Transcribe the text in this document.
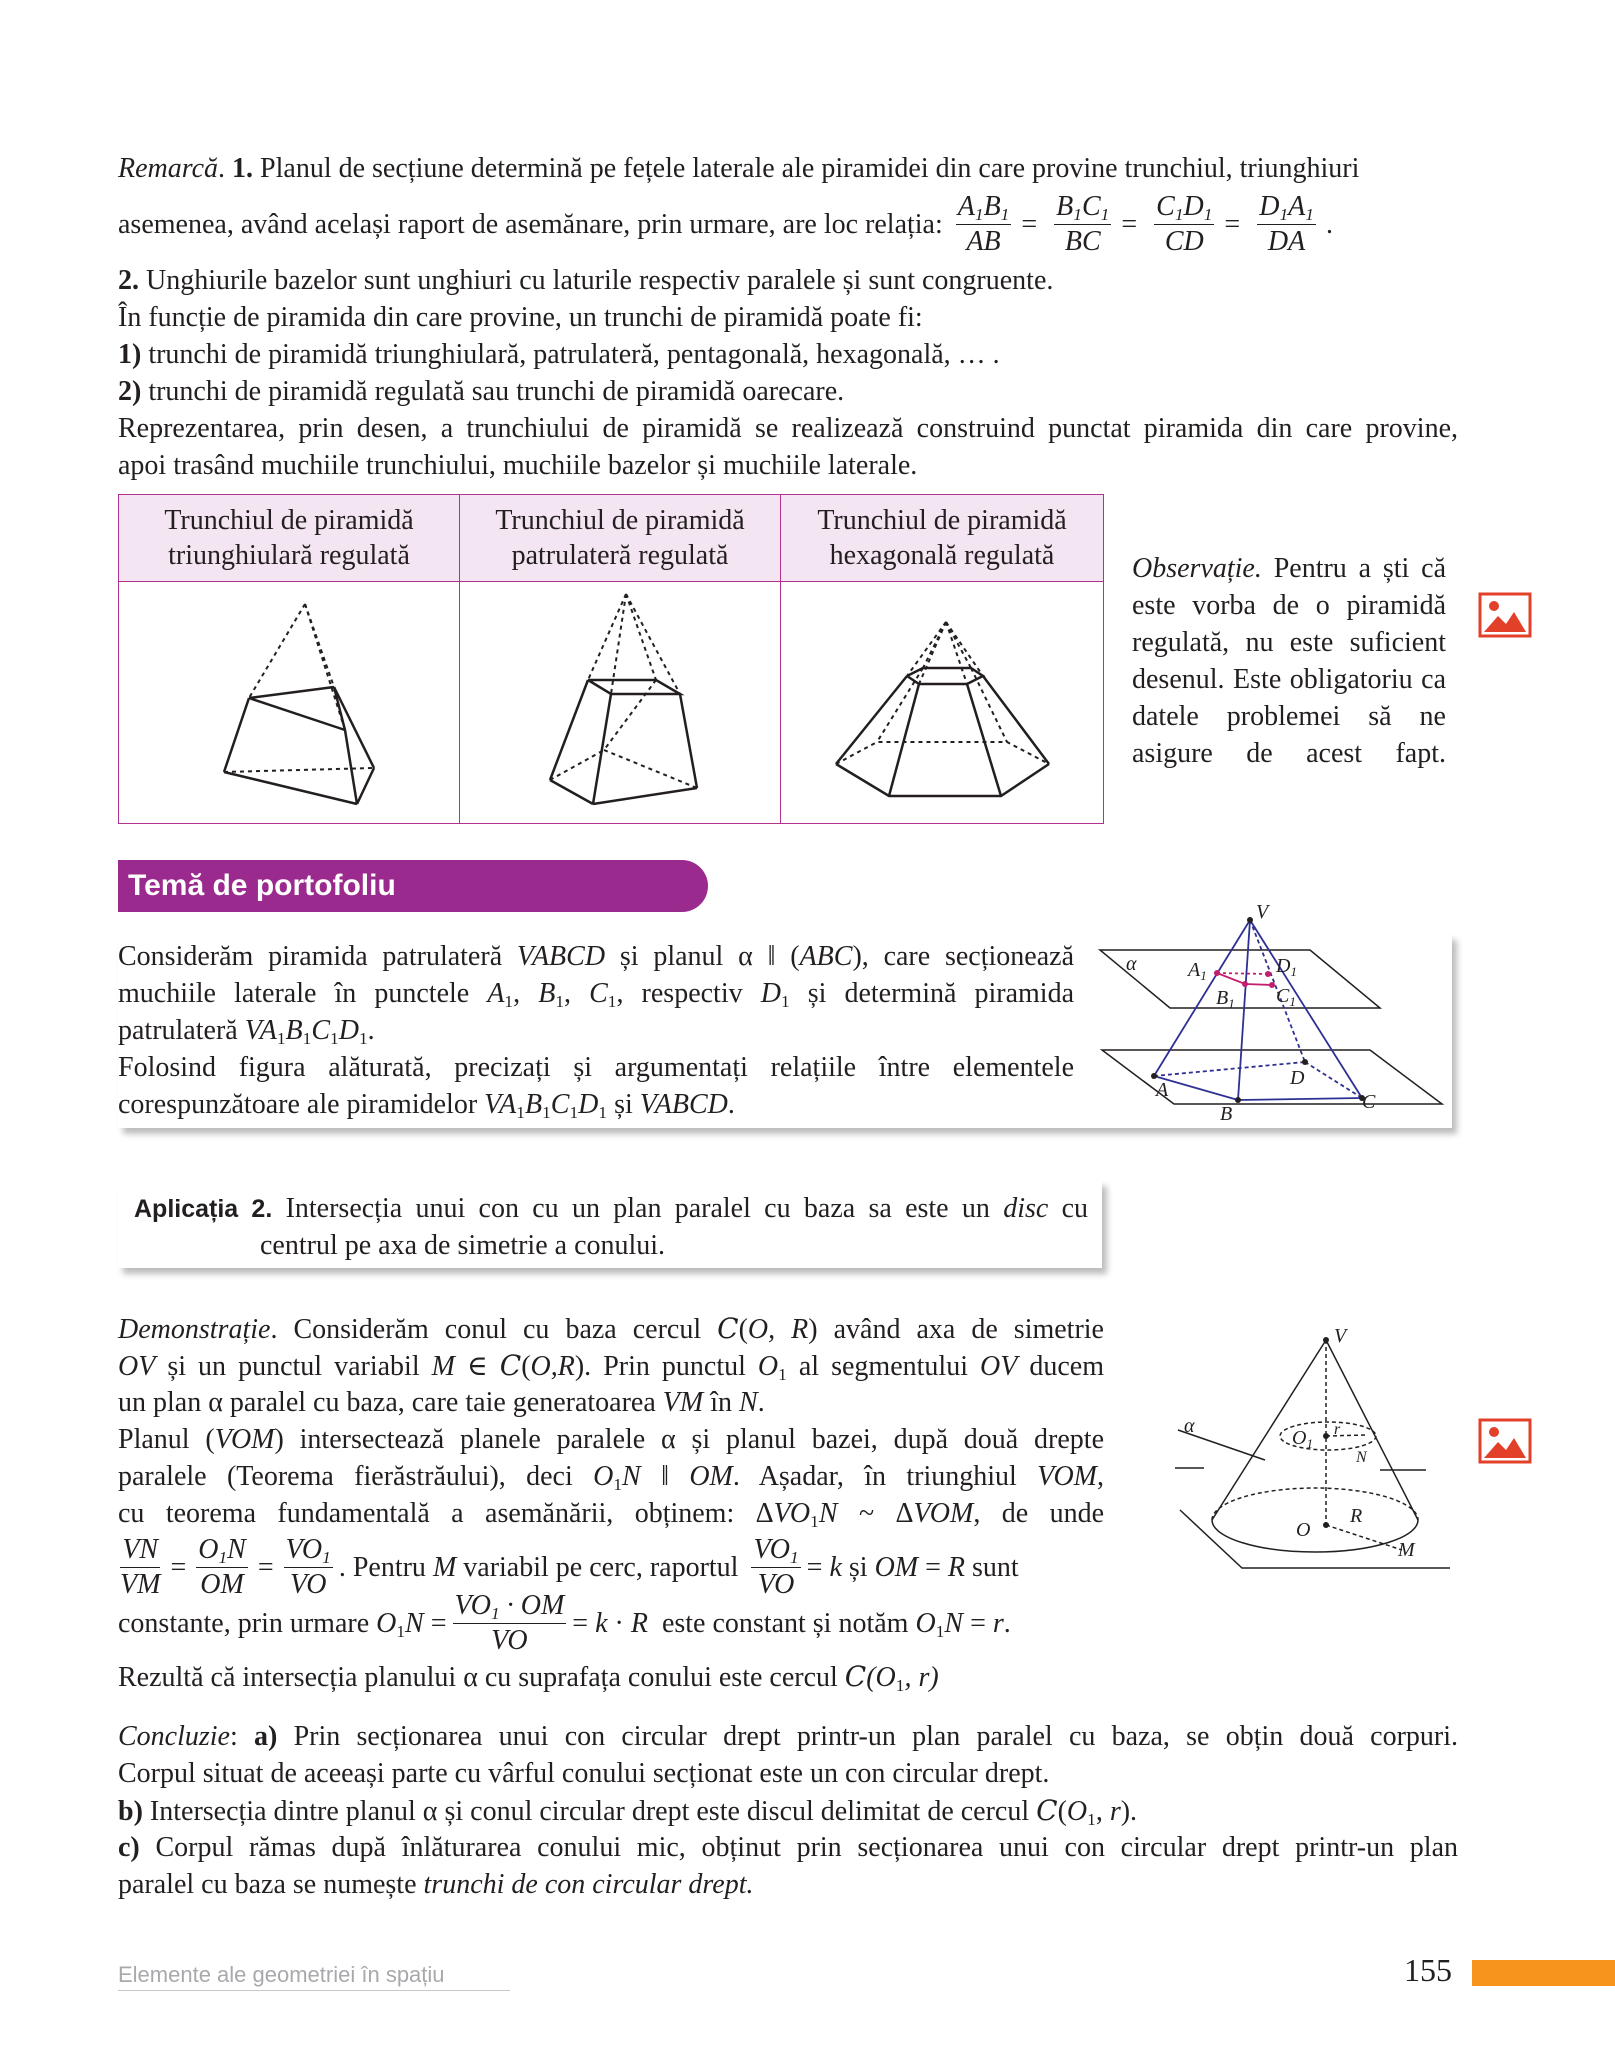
Remarcă. 1. Planul de secțiune determină pe fețele laterale ale piramidei din care provine trunchiul, triunghiuri
asemenea, având același raport de asemănare, prin urmare, are loc relația: $\frac{A_1B_1}{AB} = \frac{B_1C_1}{BC} = \frac{C_1D_1}{CD} = \frac{D_1A_1}{DA}$ .
2. Unghiurile bazelor sunt unghiuri cu laturile respectiv paralele și sunt congruente.
În funcție de piramida din care provine, un trunchi de piramidă poate fi:
1) trunchi de piramidă triunghiulară, patrulateră, pentagonală, hexagonală, … .
2) trunchi de piramidă regulată sau trunchi de piramidă oarecare.
Reprezentarea, prin desen, a trunchiului de piramidă se realizează construind punctat piramida din care provine,
apoi trasând muchiile trunchiului, muchiile bazelor și muchiile laterale.
Trunchiul de piramidă triunghiulară regulată	Trunchiul de piramidă patrulateră regulată	Trunchiul de piramidă hexagonală regulată

			Observație. Pentru a ști că este vorba de o piramidă regulată, nu este suficient desenul. Este obligatoriu ca datele problemei să ne asigure de acest fapt.
Temă de portofoliu
Considerăm piramida patrulateră VABCD și planul α ‖ (ABC), care secționează
muchiile laterale în punctele $A_1$, $B_1$, $C_1$, respectiv $D_1$ și determină piramida
patrulateră $VA_1B_1C_1D_1$.
Folosind figura alăturată, precizați și argumentați relațiile între elementele
corespunzătoare ale piramidelor $VA_1B_1C_1D_1$ și VABCD.
V
α	$A_1$
$B_1$ $C_1$
$D_1$
A
B
C
D
Aplicația 2. Intersecția unui con cu un plan paralel cu baza sa este un disc cu
centrul pe axa de simetrie a conului.
Demonstrație. Considerăm conul cu baza cercul C(O, R) având axa de simetrie
OV și un punctul variabil M ∈ C(O,R). Prin punctul $O_1$ al segmentului OV ducem
un plan α paralel cu baza, care taie generatoarea VM în N.
Planul (VOM) intersectează planele paralele α și planul bazei, după două drepte
paralele (Teorema fierăstrăului), deci $O_1N$ ‖ OM. Așadar, în triunghiul VOM,
cu teorema fundamentală a asemănării, obținem: $\Delta VO_1N$ ~ ΔVOM, de unde
$\frac{VN}{VM} = \frac{O_1N}{OM} = \frac{VO_1}{VO}$ . Pentru M variabil pe cerc, raportul $\frac{VO_1}{VO} = k$ și OM = R sunt
constante, prin urmare $O_1N = \frac{VO_1 \cdot OM}{VO} = k \cdot R$  este constant și notăm $O_1N = r$.
Rezultă că intersecția planului α cu suprafața conului este cercul $C(O_1$, r)
V
α
$O_1$
r
N
O
R
M
Concluzie: a) Prin secționarea unui con circular drept printr-un plan paralel cu baza, se obțin două corpuri.
Corpul situat de aceeași parte cu vârful conului secționat este un con circular drept.
b) Intersecția dintre planul α și conul circular drept este discul delimitat de cercul $C(O_1$, r).
c) Corpul rămas după înlăturarea conului mic, obținut prin secționarea unui con circular drept printr-un plan
paralel cu baza se numește trunchi de con circular drept.
Elemente ale geometriei în spațiu	155
